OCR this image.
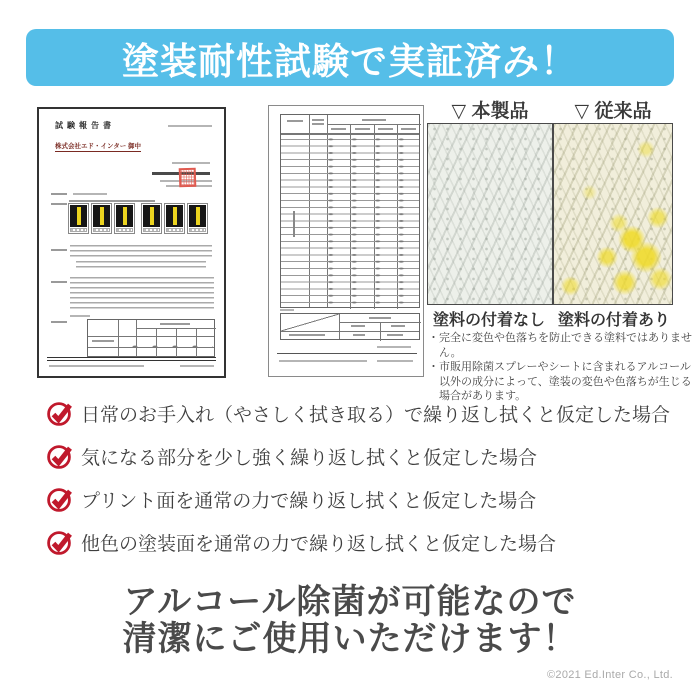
塗装耐性試験で実証済み！
試験報告書
株式会社エド・インター 御中
▽ 本製品	▽ 従来品
塗料の付着なし 塗料の付着あり
・完全に変色や色落ちを防止できる塗料ではありません。
・市販用除菌スプレーやシートに含まれるアルコール以外の成分によって、塗装の変色や色落ちが生じる場合があります。
日常のお手入れ（やさしく拭き取る）で繰り返し拭くと仮定した場合
気になる部分を少し強く繰り返し拭くと仮定した場合
プリント面を通常の力で繰り返し拭くと仮定した場合
他色の塗装面を通常の力で繰り返し拭くと仮定した場合
アルコール除菌が可能なので
清潔にご使用いただけます！
©2021 Ed.Inter Co., Ltd.
